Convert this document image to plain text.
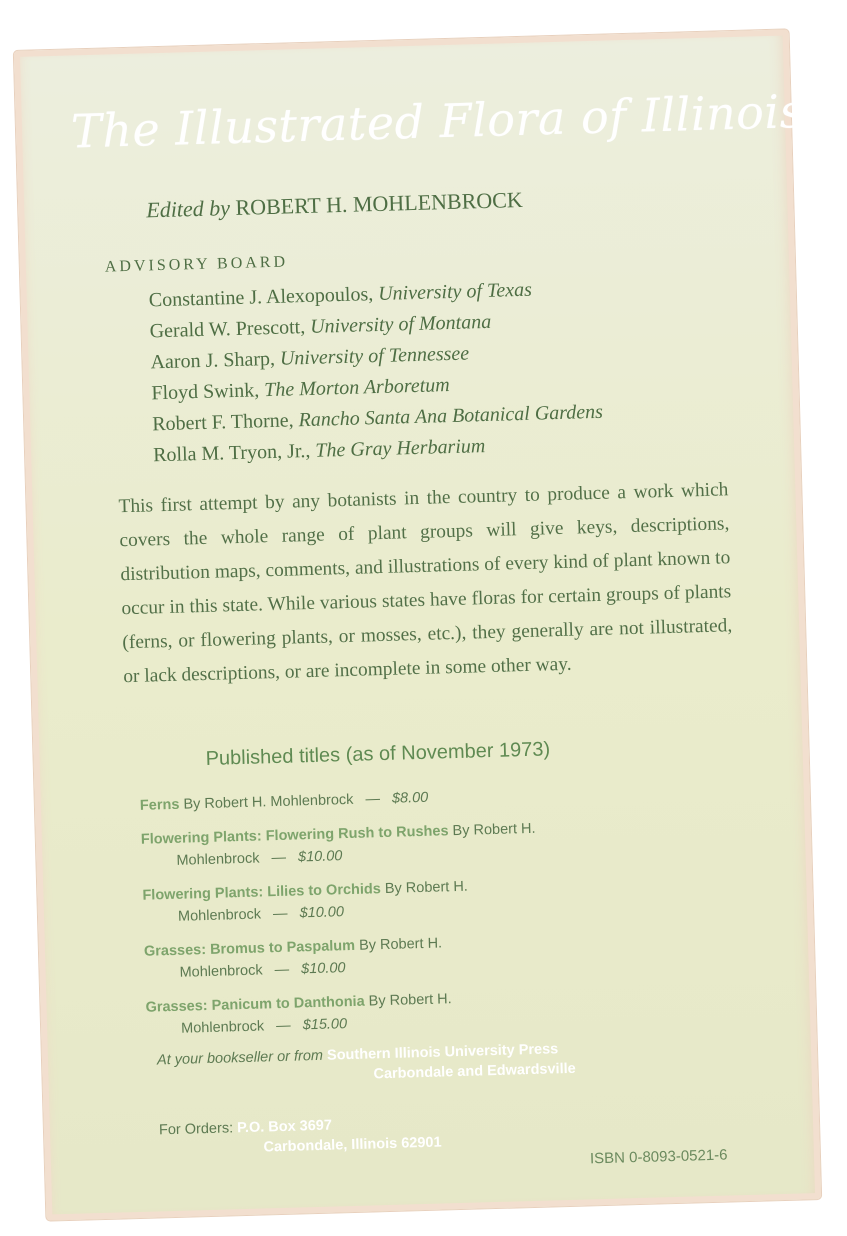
The Illustrated Flora of Illinois
Edited by ROBERT H. MOHLENBROCK
ADVISORY BOARD
Constantine J. Alexopoulos, University of Texas
Gerald W. Prescott, University of Montana
Aaron J. Sharp, University of Tennessee
Floyd Swink, The Morton Arboretum
Robert F. Thorne, Rancho Santa Ana Botanical Gardens
Rolla M. Tryon, Jr., The Gray Herbarium
This first attempt by any botanists in the country to produce a work which covers the whole range of plant groups will give keys, descriptions, distribution maps, comments, and illustrations of every kind of plant known to occur in this state. While various states have floras for certain groups of plants (ferns, or flowering plants, or mosses, etc.), they generally are not illustrated, or lack descriptions, or are incomplete in some other way.
Published titles (as of November 1973)
Ferns By Robert H. Mohlenbrock — $8.00
Flowering Plants: Flowering Rush to Rushes By Robert H.
Mohlenbrock — $10.00
Flowering Plants: Lilies to Orchids By Robert H.
Mohlenbrock — $10.00
Grasses: Bromus to Paspalum By Robert H.
Mohlenbrock — $10.00
Grasses: Panicum to Danthonia By Robert H.
Mohlenbrock — $15.00
At your bookseller or from Southern Illinois University Press
Carbondale and Edwardsville
For Orders: P.O. Box 3697
Carbondale, Illinois 62901
ISBN 0-8093-0521-6
